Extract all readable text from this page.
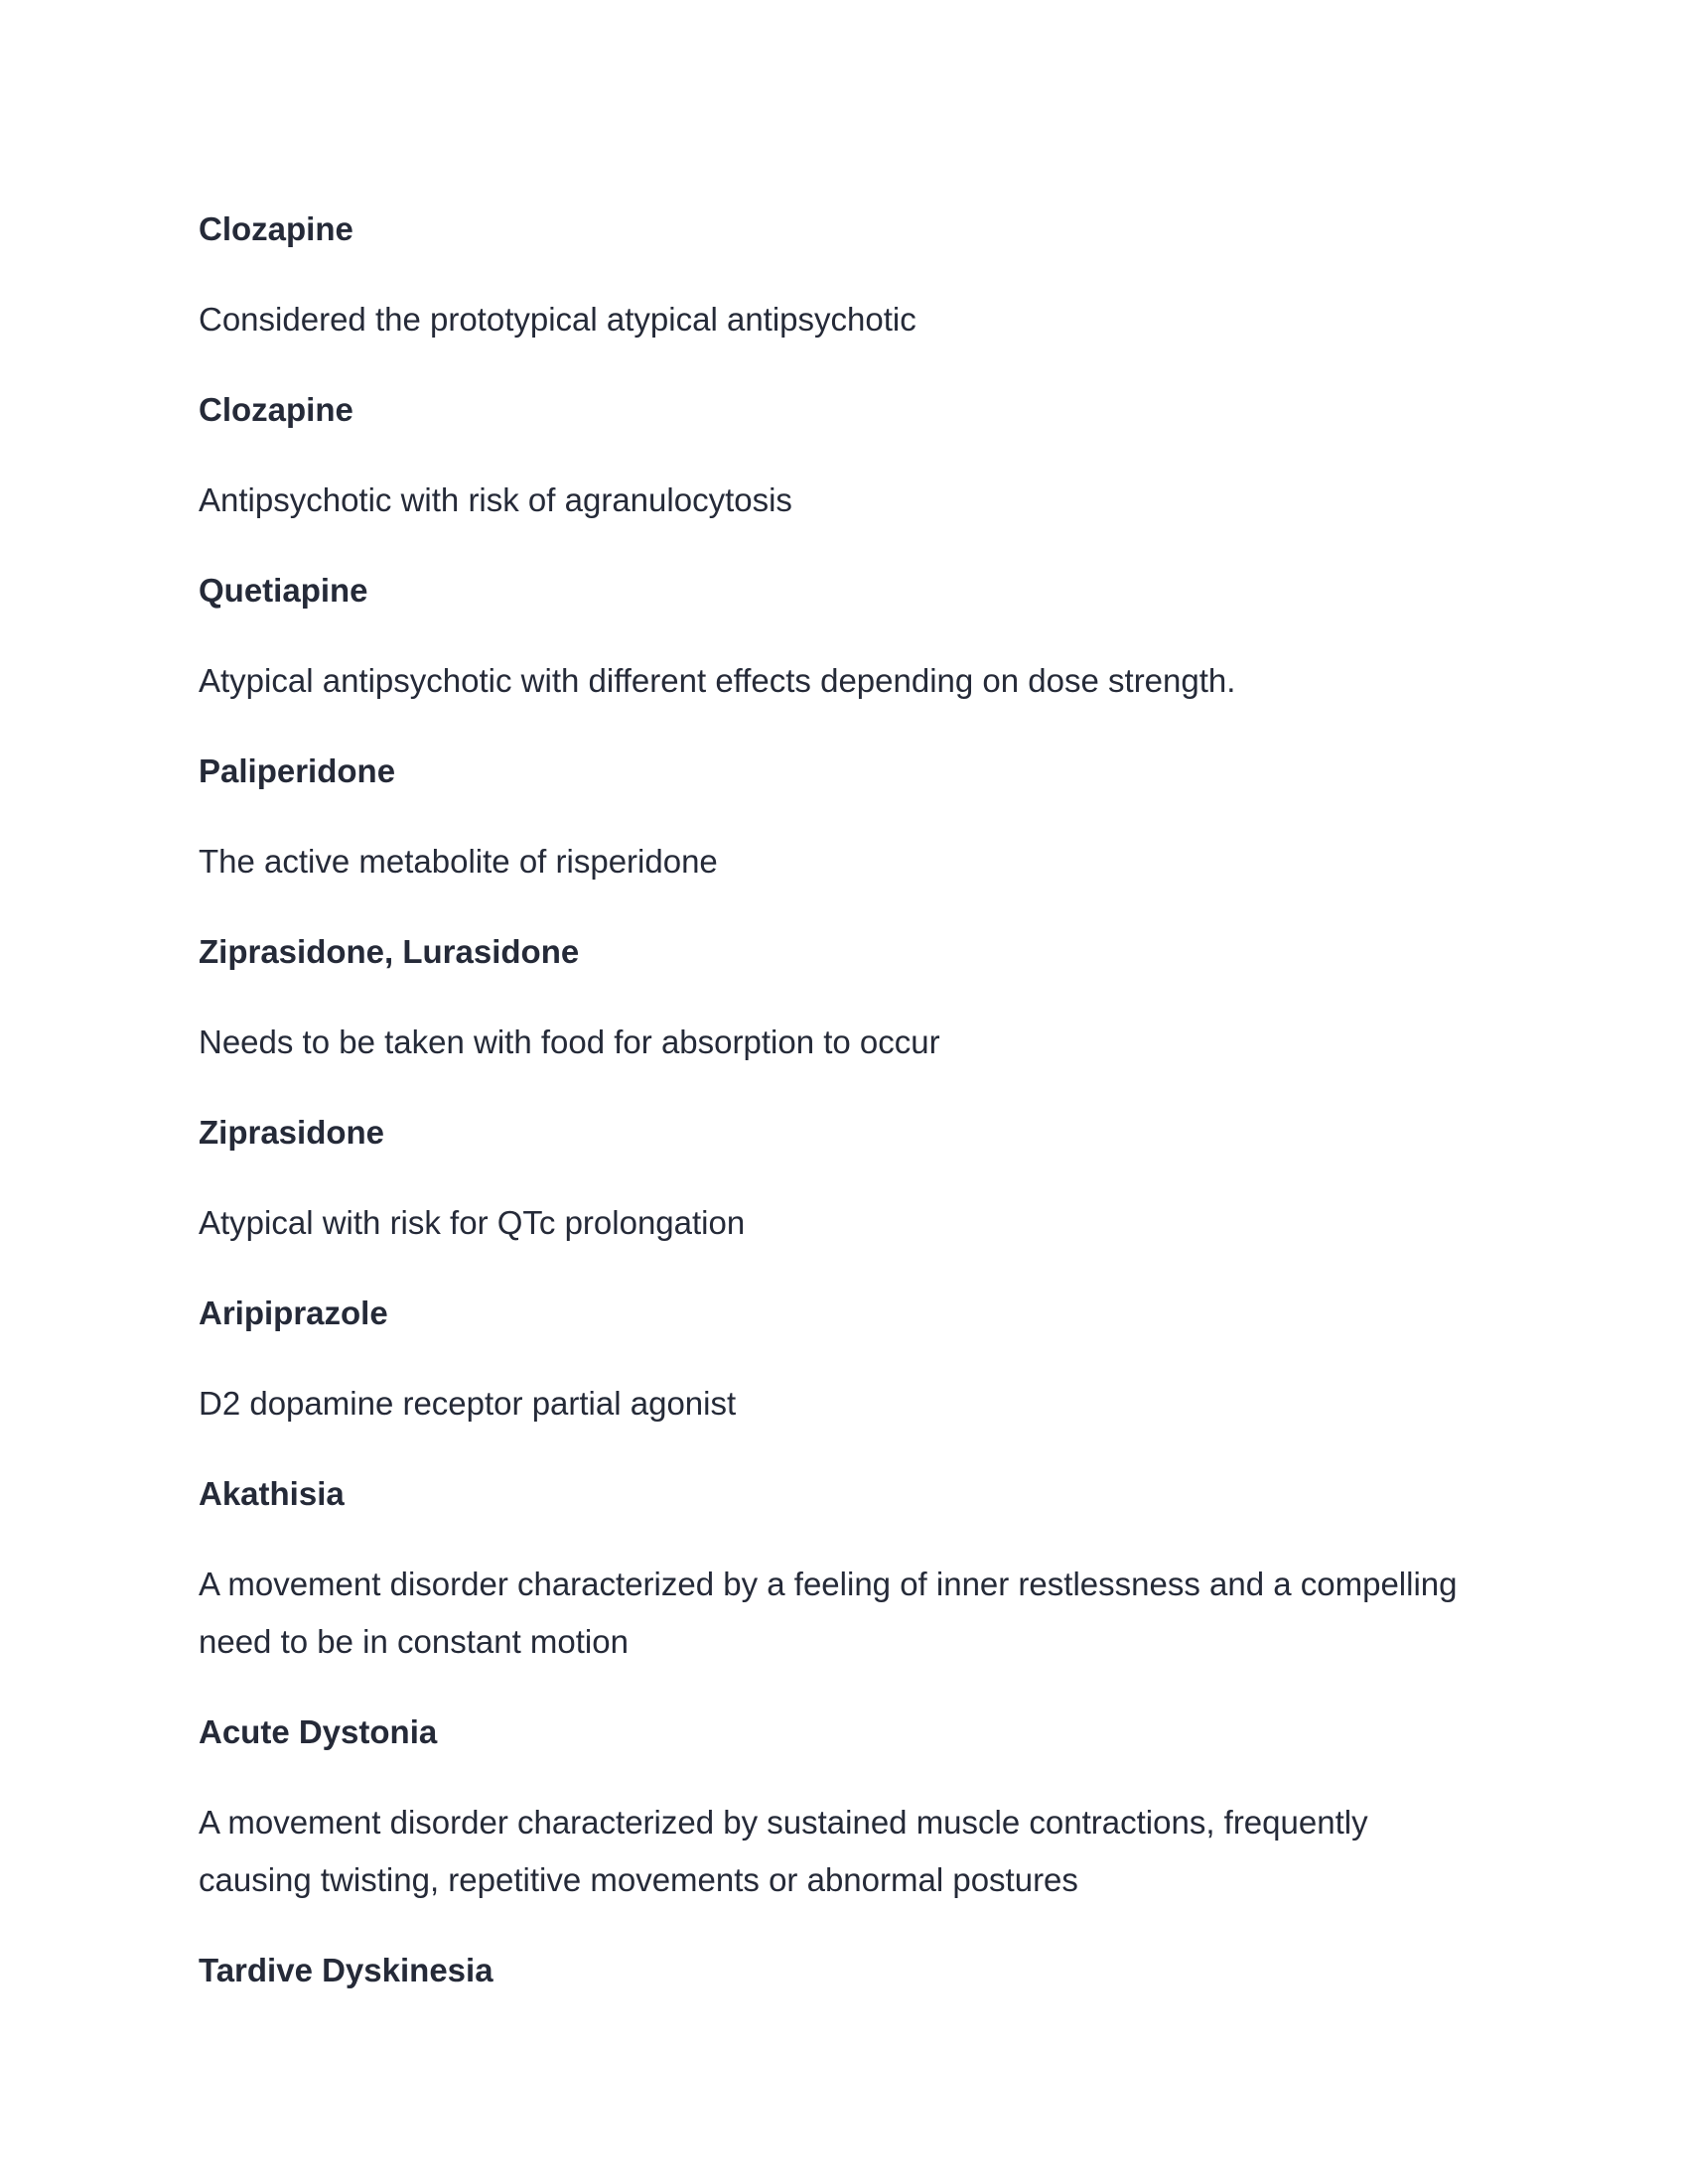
Clozapine
Considered the prototypical atypical antipsychotic
Clozapine
Antipsychotic with risk of agranulocytosis
Quetiapine
Atypical antipsychotic with different effects depending on dose strength.
Paliperidone
The active metabolite of risperidone
Ziprasidone, Lurasidone
Needs to be taken with food for absorption to occur
Ziprasidone
Atypical with risk for QTc prolongation
Aripiprazole
D2 dopamine receptor partial agonist
Akathisia
A movement disorder characterized by a feeling of inner restlessness and a compelling need to be in constant motion
Acute Dystonia
A movement disorder characterized by sustained muscle contractions, frequently causing twisting, repetitive movements or abnormal postures
Tardive Dyskinesia
